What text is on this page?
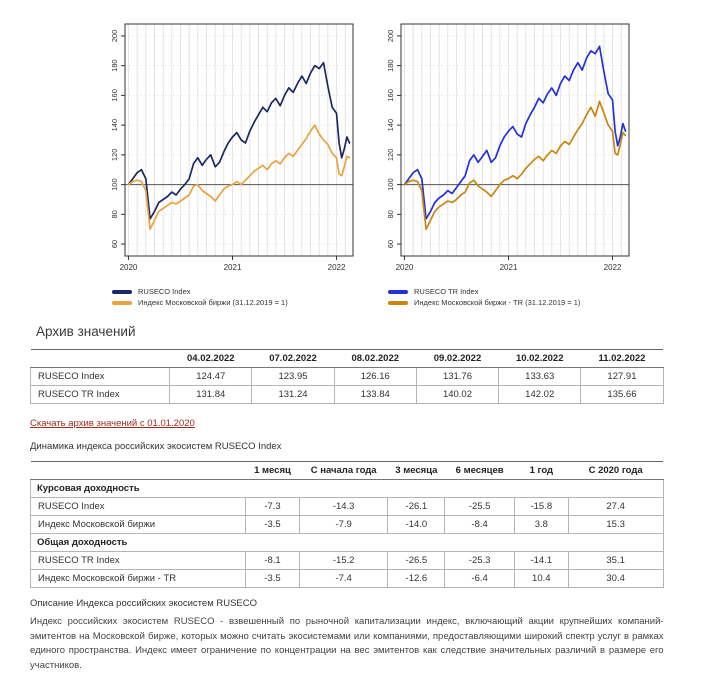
60
80
100
120
140
160
180
200
2020	2021	2022
RUSECO Index
Индекс Московской биржи (31.12.2019 = 1)
60
80
100
120
140
160
180
200
2020	2021	2022
RUSECO TR Index
Индекс Московской биржи - TR (31.12.2019 = 1)
Архив значений
	04.02.2022	07.02.2022	08.02.2022	09.02.2022	10.02.2022	11.02.2022
RUSECO Index	124.47	123.95	126.16	131.76	133.63	127.91
RUSECO TR Index	131.84	131.24	133.84	140.02	142.02	135.66
Скачать архив значений с 01.01.2020
Динамика индекса российских экосистем RUSECO Index
	1 месяц	С начала года	3 месяца	6 месяцев	1 год	С 2020 года
Курсовая доходность						
RUSECO Index	-7.3	-14.3	-26.1	-25.5	-15.8	27.4
Индекс Московской биржи	-3.5	-7.9	-14.0	-8.4	3.8	15.3
Общая доходность						
RUSECO TR Index	-8.1	-15.2	-26.5	-25.3	-14.1	35.1
Индекс Московской биржи - TR	-3.5	-7.4	-12.6	-6.4	10.4	30.4
Описание Индекса российских экосистем RUSECO

Индекс российских экосистем RUSECO - взвешенный по рыночной капитализации индекс, включающий акции крупнейших компаний-эмитентов на Московской бирже, которых можно считать экосистемами или компаниями, предоставляющими широкий спектр услуг в рамках единого пространства. Индекс имеет ограничение по концентрации на вес эмитентов как следствие значительных различий в размере его участников.
